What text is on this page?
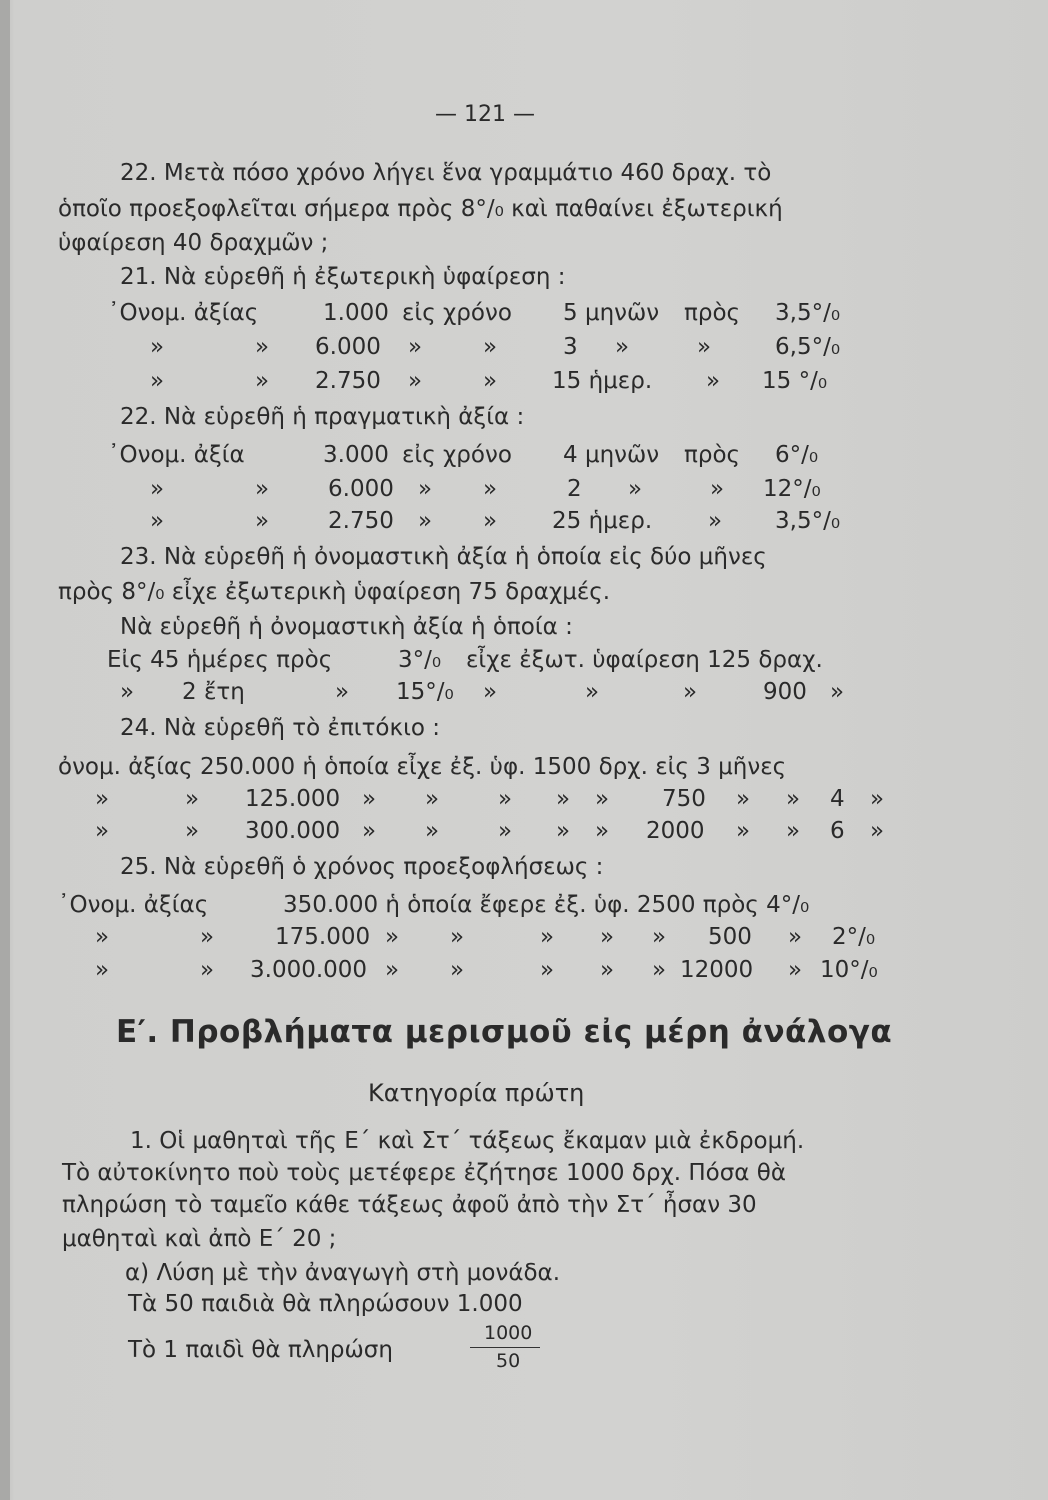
— 121 —
22. Μετὰ πόσο χρόνο λήγει ἕνα γραμμάτιο 460 δραχ. τὸ
ὁποῖο προεξοφλεῖται σήμερα πρὸς 8°/₀ καὶ παθαίνει ἐξωτερική
ὑφαίρεση 40 δραχμῶν ;
21. Νὰ εὑρεθῆ ἡ ἐξωτερικὴ ὑφαίρεση :
᾿Ονομ. ἀξίας	1.000 εἰς χρόνο 5 μηνῶν πρὸς 3,5°/₀
»	» 6.000 »	»	3 »	»	6,5°/₀
»	» 2.750 »	» 15 ἡμερ. » 15 °/₀
22. Νὰ εὑρεθῆ ἡ πραγματικὴ ἀξία :
᾿Ονομ. ἀξία	3.000 εἰς χρόνο 4 μηνῶν πρὸς 6°/₀
»	»	6.000 » »	2 »	» 12°/₀
»	»	2.750 » » 25 ἡμερ. » 3,5°/₀
23. Νὰ εὑρεθῆ ἡ ὀνομαστικὴ ἀξία ἡ ὁποία εἰς δύο μῆνες
πρὸς 8°/₀ εἶχε ἐξωτερικὴ ὑφαίρεση 75 δραχμές.
Νὰ εὑρεθῆ ἡ ὀνομαστικὴ ἀξία ἡ ὁποία :
Εἰς 45 ἡμέρες πρὸς	3°/₀ εἶχε ἐξωτ. ὑφαίρεση 125 δραχ.
» 2 ἔτη	» 15°/₀ »	»	»	900 »
24. Νὰ εὑρεθῆ τὸ ἐπιτόκιο :
ὀνομ. ἀξίας 250.000 ἡ ὁποία εἶχε ἐξ. ὑφ. 1500 δρχ. εἰς 3 μῆνες
»	» 125.000 » »	» » » 750 » » 4 »
»	» 300.000 » »	» » » 2000 » » 6 »
25. Νὰ εὑρεθῆ ὁ χρόνος προεξοφλήσεως :
᾿Ονομ. ἀξίας	350.000 ἡ ὁποία ἔφερε ἐξ. ὑφ. 2500 πρὸς 4°/₀
»	»	175.000 » »	» » » 500 » 2°/₀
»	» 3.000.000 » »	» » » 12000 » 10°/₀
Ε′. Προβλήματα μερισμοῦ εἰς μέρη ἀνάλογα
Κατηγορία πρώτη
1. Οἱ μαθηταὶ τῆς Ε΄ καὶ Στ΄ τάξεως ἔκαμαν μιὰ ἐκδρομή.
Τὸ αὐτοκίνητο ποὺ τοὺς μετέφερε ἐζήτησε 1000 δρχ. Πόσα θὰ
πληρώση τὸ ταμεῖο κάθε τάξεως ἀφοῦ ἀπὸ τὴν Στ΄ ἦσαν 30
μαθηταὶ καὶ ἀπὸ Ε΄ 20 ;
α) Λύση μὲ τὴν ἀναγωγὴ στὴ μονάδα.
Τὰ 50 παιδιὰ θὰ πληρώσουν 1.000
Τὸ 1 παιδὶ θὰ πληρώση
1000
50
